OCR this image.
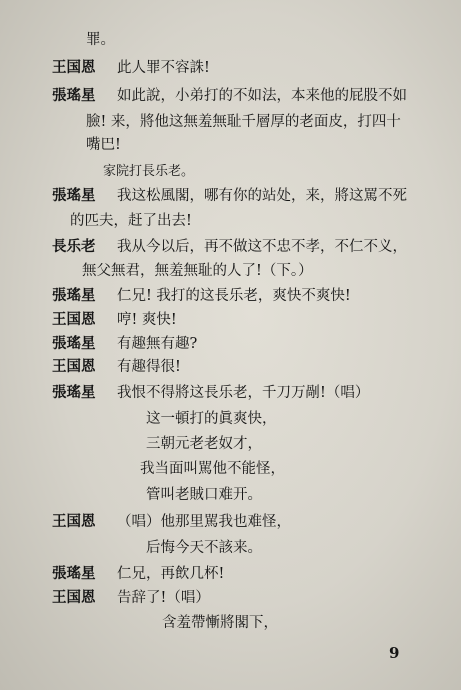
罪。
王国恩 此人罪不容誅!
張瑤星 如此說，小弟打的不如法，本来他的屁股不如
臉! 来，將他这無羞無耻千層厚的老面皮，打四十
嘴巴!
家院打長乐老。
張瑤星 我这松風閣，哪有你的站处，来，將这罵不死
的匹夫，赶了出去!
長乐老 我从今以后，再不做这不忠不孝，不仁不义，
無父無君，無羞無耻的人了!（下。）
張瑤星 仁兄! 我打的这長乐老，爽快不爽快!
王国恩 哼! 爽快!
張瑤星 有趣無有趣?
王国恩 有趣得很!
張瑤星 我恨不得將这長乐老，千刀万剮!（唱）
这一頓打的眞爽快，
三朝元老老奴才，
我当面叫駡他不能怪，
管叫老賊口难开。
王国恩 （唱）他那里駡我也难怪，
后悔今天不該来。
張瑤星 仁兄，再飲几杯!
王国恩 告辞了!（唱）
含羞帶慚將閣下，
9
